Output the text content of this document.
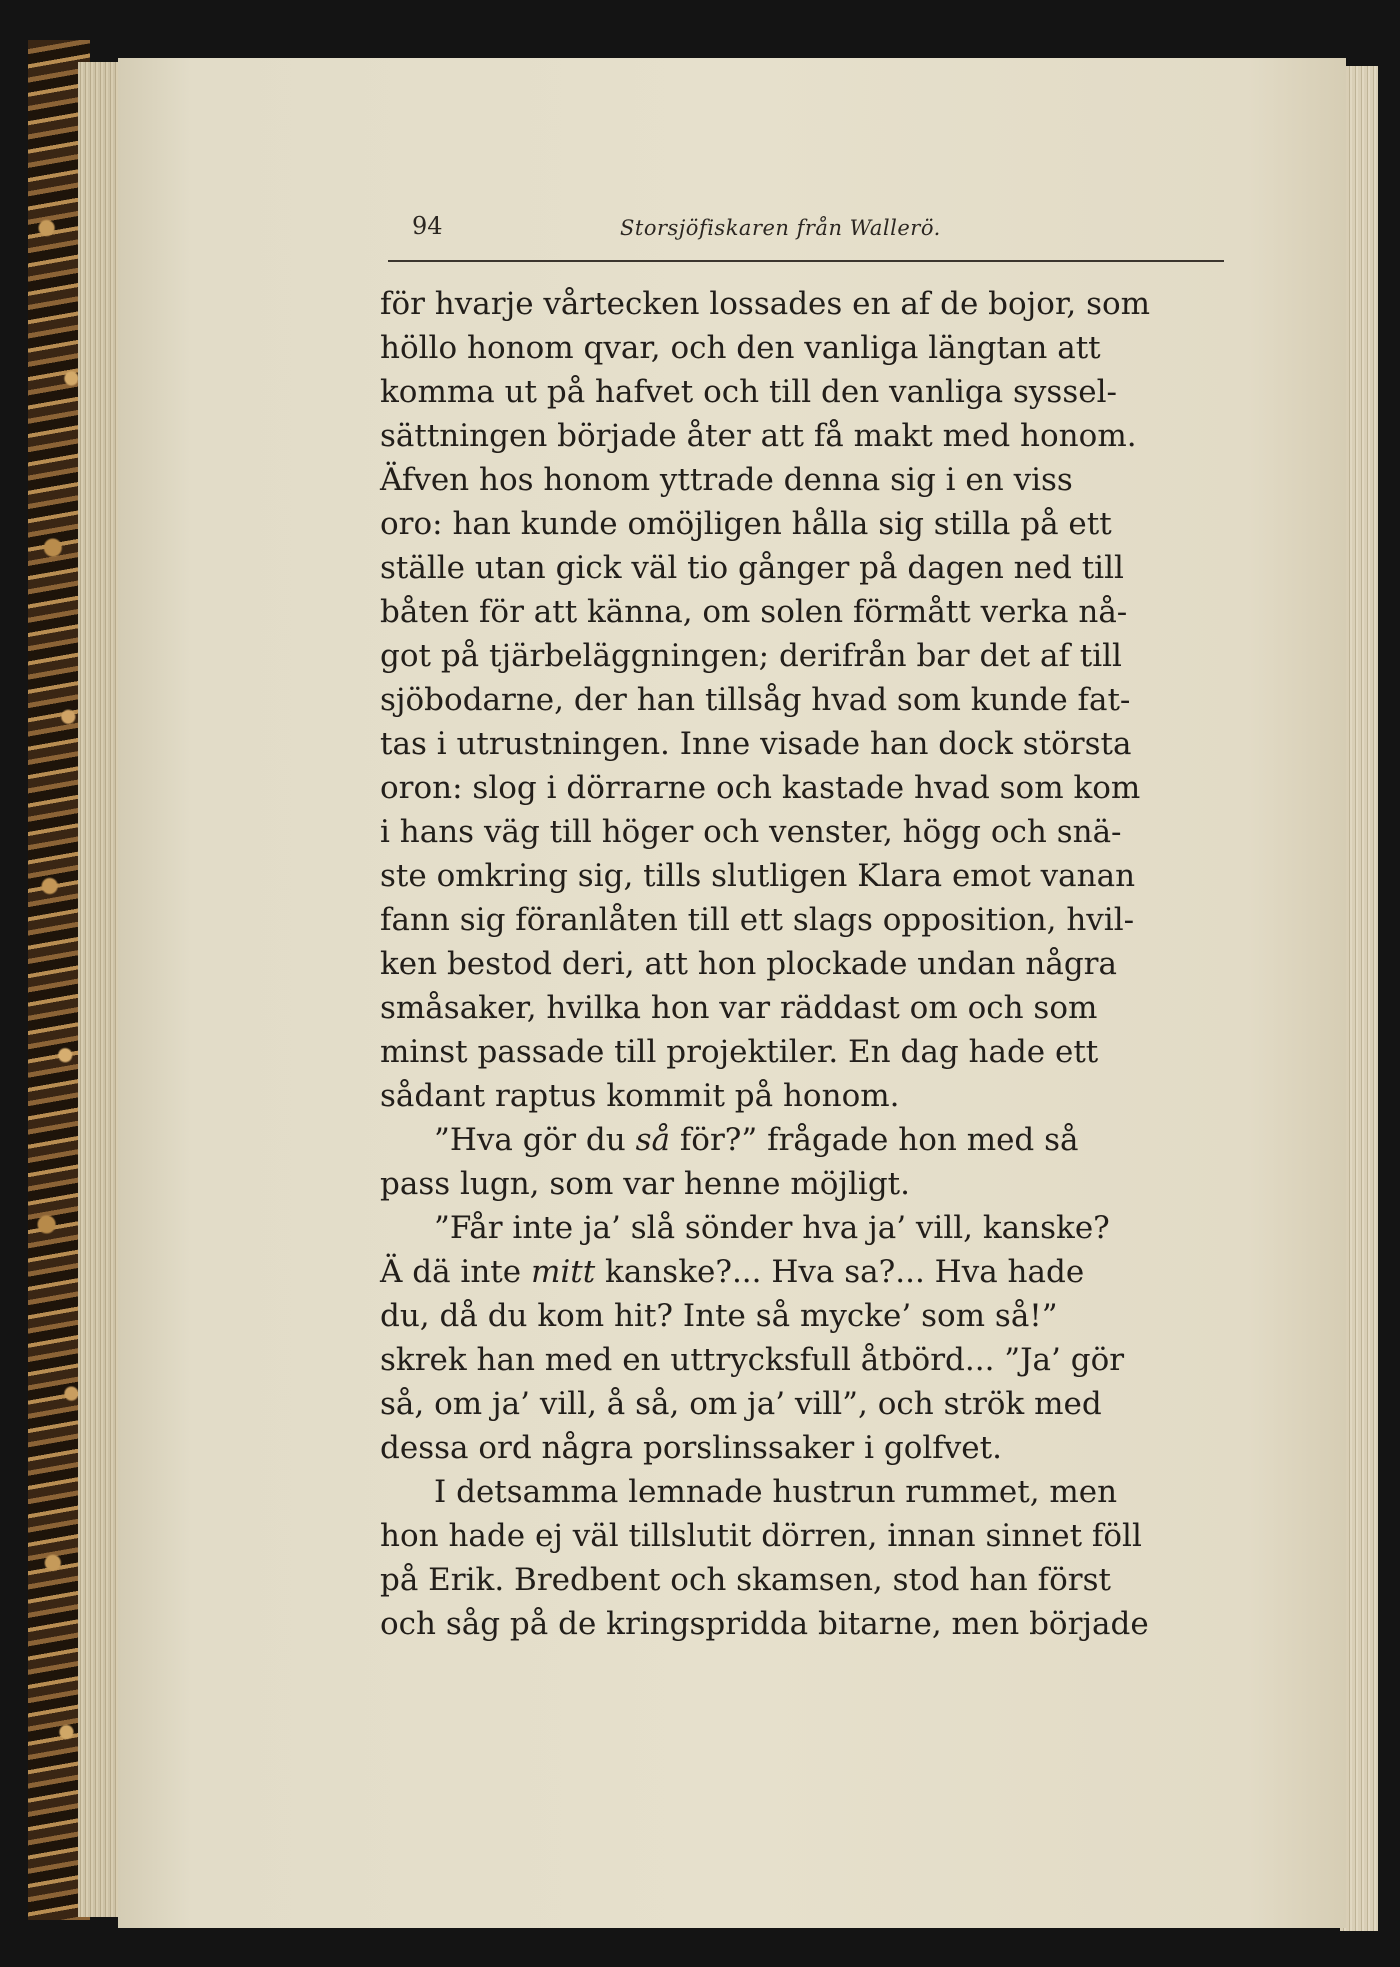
94	Storsjöfiskaren från Wallerö.
för hvarje vårtecken lossades en af de bojor, som
höllo honom qvar, och den vanliga längtan att
komma ut på hafvet och till den vanliga syssel-
sättningen började åter att få makt med honom.
Äfven hos honom yttrade denna sig i en viss
oro: han kunde omöjligen hålla sig stilla på ett
ställe utan gick väl tio gånger på dagen ned till
båten för att känna, om solen förmått verka nå-
got på tjärbeläggningen; derifrån bar det af till
sjöbodarne, der han tillsåg hvad som kunde fat-
tas i utrustningen. Inne visade han dock största
oron: slog i dörrarne och kastade hvad som kom
i hans väg till höger och venster, högg och snä-
ste omkring sig, tills slutligen Klara emot vanan
fann sig föranlåten till ett slags opposition, hvil-
ken bestod deri, att hon plockade undan några
småsaker, hvilka hon var räddast om och som
minst passade till projektiler. En dag hade ett
sådant raptus kommit på honom.
”Hva gör du så för?” frågade hon med så
pass lugn, som var henne möjligt.
”Får inte ja’ slå sönder hva ja’ vill, kanske?
Ä dä inte mitt kanske?... Hva sa?... Hva hade
du, då du kom hit? Inte så mycke’ som så!”
skrek han med en uttrycksfull åtbörd... ”Ja’ gör
så, om ja’ vill, å så, om ja’ vill”, och strök med
dessa ord några porslinssaker i golfvet.
I detsamma lemnade hustrun rummet, men
hon hade ej väl tillslutit dörren, innan sinnet föll
på Erik. Bredbent och skamsen, stod han först
och såg på de kringspridda bitarne, men började
